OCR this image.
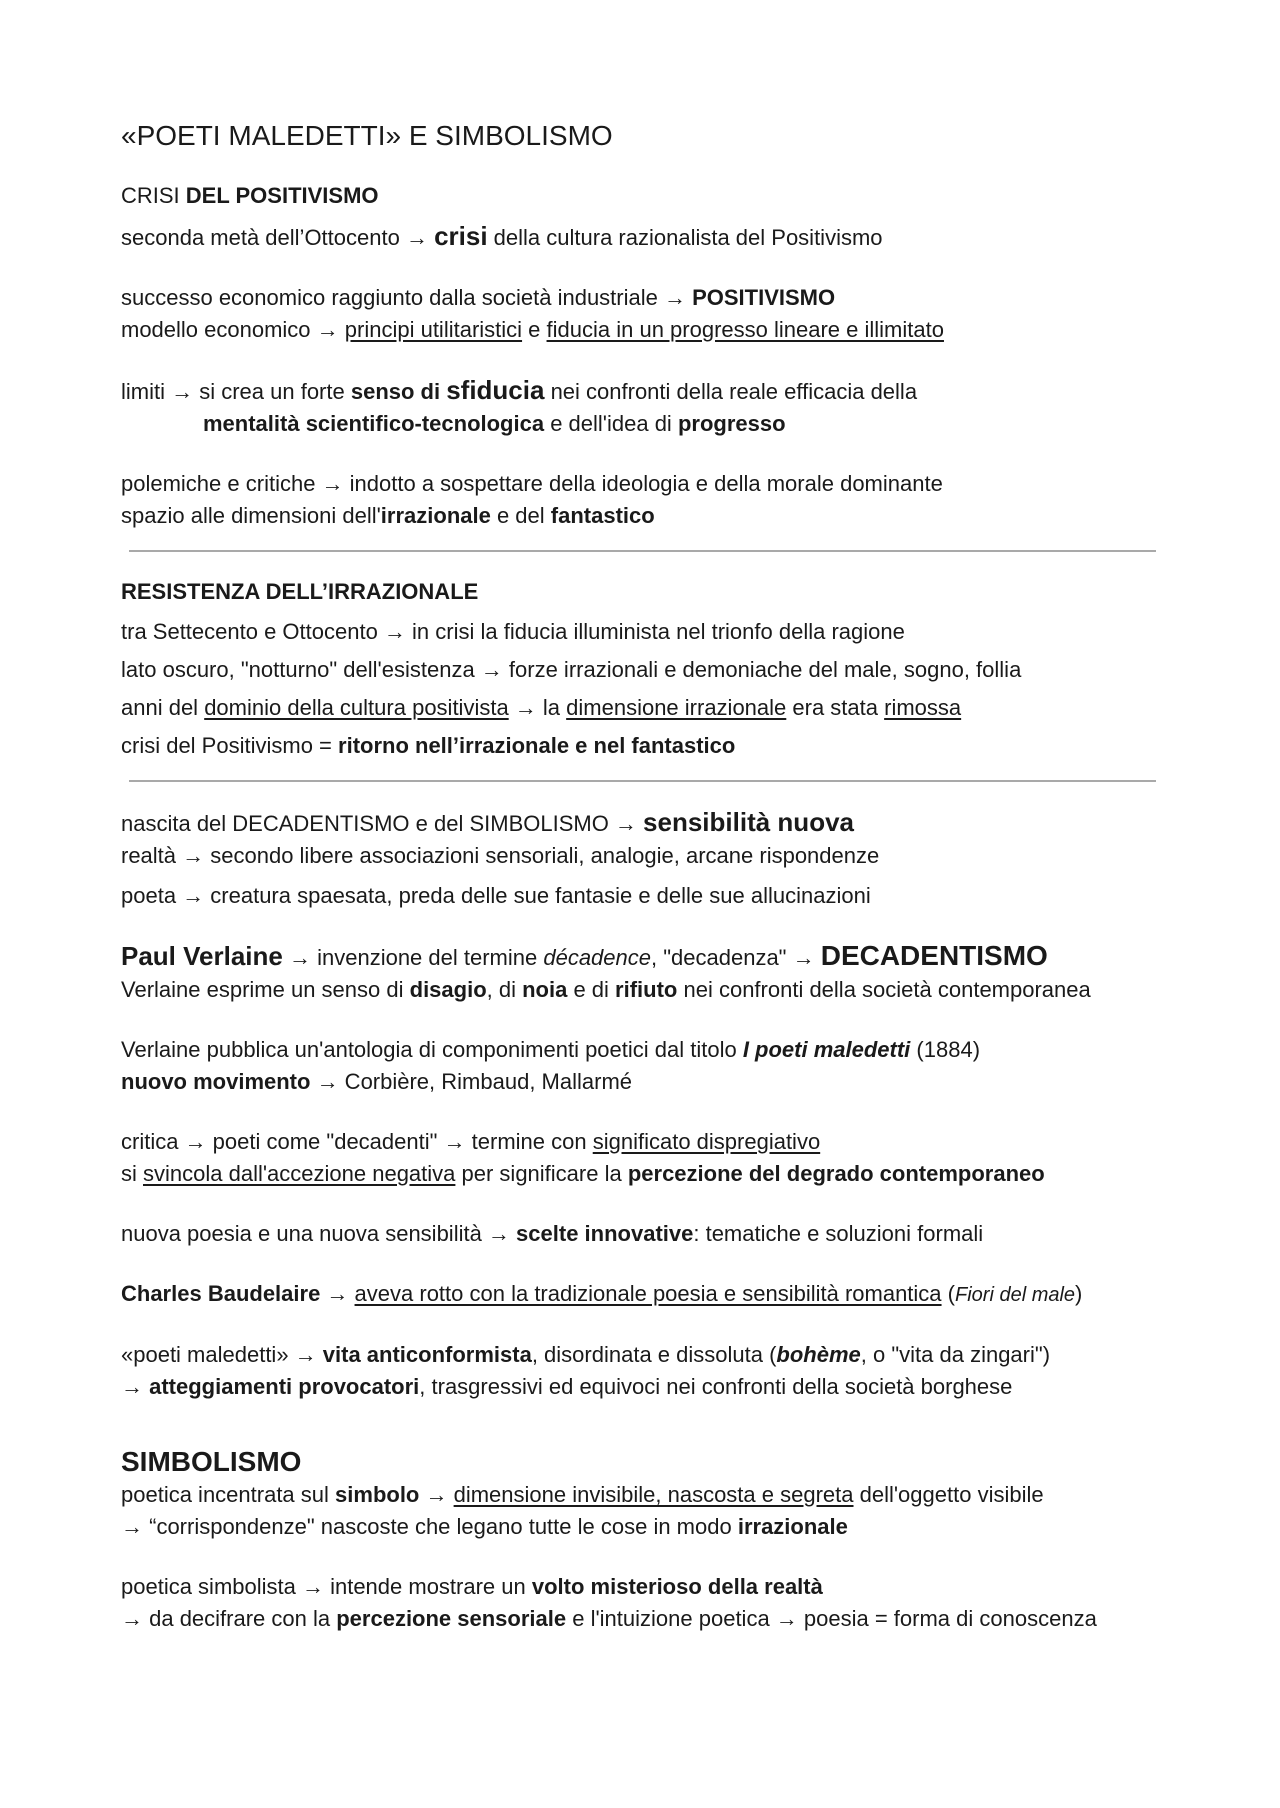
«POETI MALEDETTI» E SIMBOLISMO

CRISI DEL POSITIVISMO

seconda metà dell’Ottocento → crisi della cultura razionalista del Positivismo

successo economico raggiunto dalla società industriale → POSITIVISMO

modello economico → principi utilitaristici e fiducia in un progresso lineare e illimitato

limiti → si crea un forte senso di sfiducia nei confronti della reale efficacia della

mentalità scientifico-tecnologica e dell'idea di progresso

polemiche e critiche → indotto a sospettare della ideologia e della morale dominante

spazio alle dimensioni dell'irrazionale e del fantastico

RESISTENZA DELL’IRRAZIONALE

tra Settecento e Ottocento → in crisi la fiducia illuminista nel trionfo della ragione

lato oscuro, "notturno" dell'esistenza → forze irrazionali e demoniache del male, sogno, follia

anni del dominio della cultura positivista → la dimensione irrazionale era stata rimossa

crisi del Positivismo = ritorno nell’irrazionale e nel fantastico

nascita del DECADENTISMO e del SIMBOLISMO → sensibilità nuova

realtà → secondo libere associazioni sensoriali, analogie, arcane rispondenze

poeta → creatura spaesata, preda delle sue fantasie e delle sue allucinazioni

Paul Verlaine → invenzione del termine décadence, "decadenza" → DECADENTISMO

Verlaine esprime un senso di disagio, di noia e di rifiuto nei confronti della società contemporanea

Verlaine pubblica un'antologia di componimenti poetici dal titolo I poeti maledetti (1884)

nuovo movimento → Corbière, Rimbaud, Mallarmé

critica → poeti come "decadenti" → termine con significato dispregiativo

si svincola dall'accezione negativa per significare la percezione del degrado contemporaneo

nuova poesia e una nuova sensibilità → scelte innovative: tematiche e soluzioni formali

Charles Baudelaire → aveva rotto con la tradizionale poesia e sensibilità romantica (Fiori del male)

«poeti maledetti» → vita anticonformista, disordinata e dissoluta (bohème, o "vita da zingari")

→ atteggiamenti provocatori, trasgressivi ed equivoci nei confronti della società borghese

SIMBOLISMO

poetica incentrata sul simbolo → dimensione invisibile, nascosta e segreta dell'oggetto visibile

→ “corrispondenze" nascoste che legano tutte le cose in modo irrazionale

poetica simbolista → intende mostrare un volto misterioso della realtà

→ da decifrare con la percezione sensoriale e l'intuizione poetica → poesia = forma di conoscenza
